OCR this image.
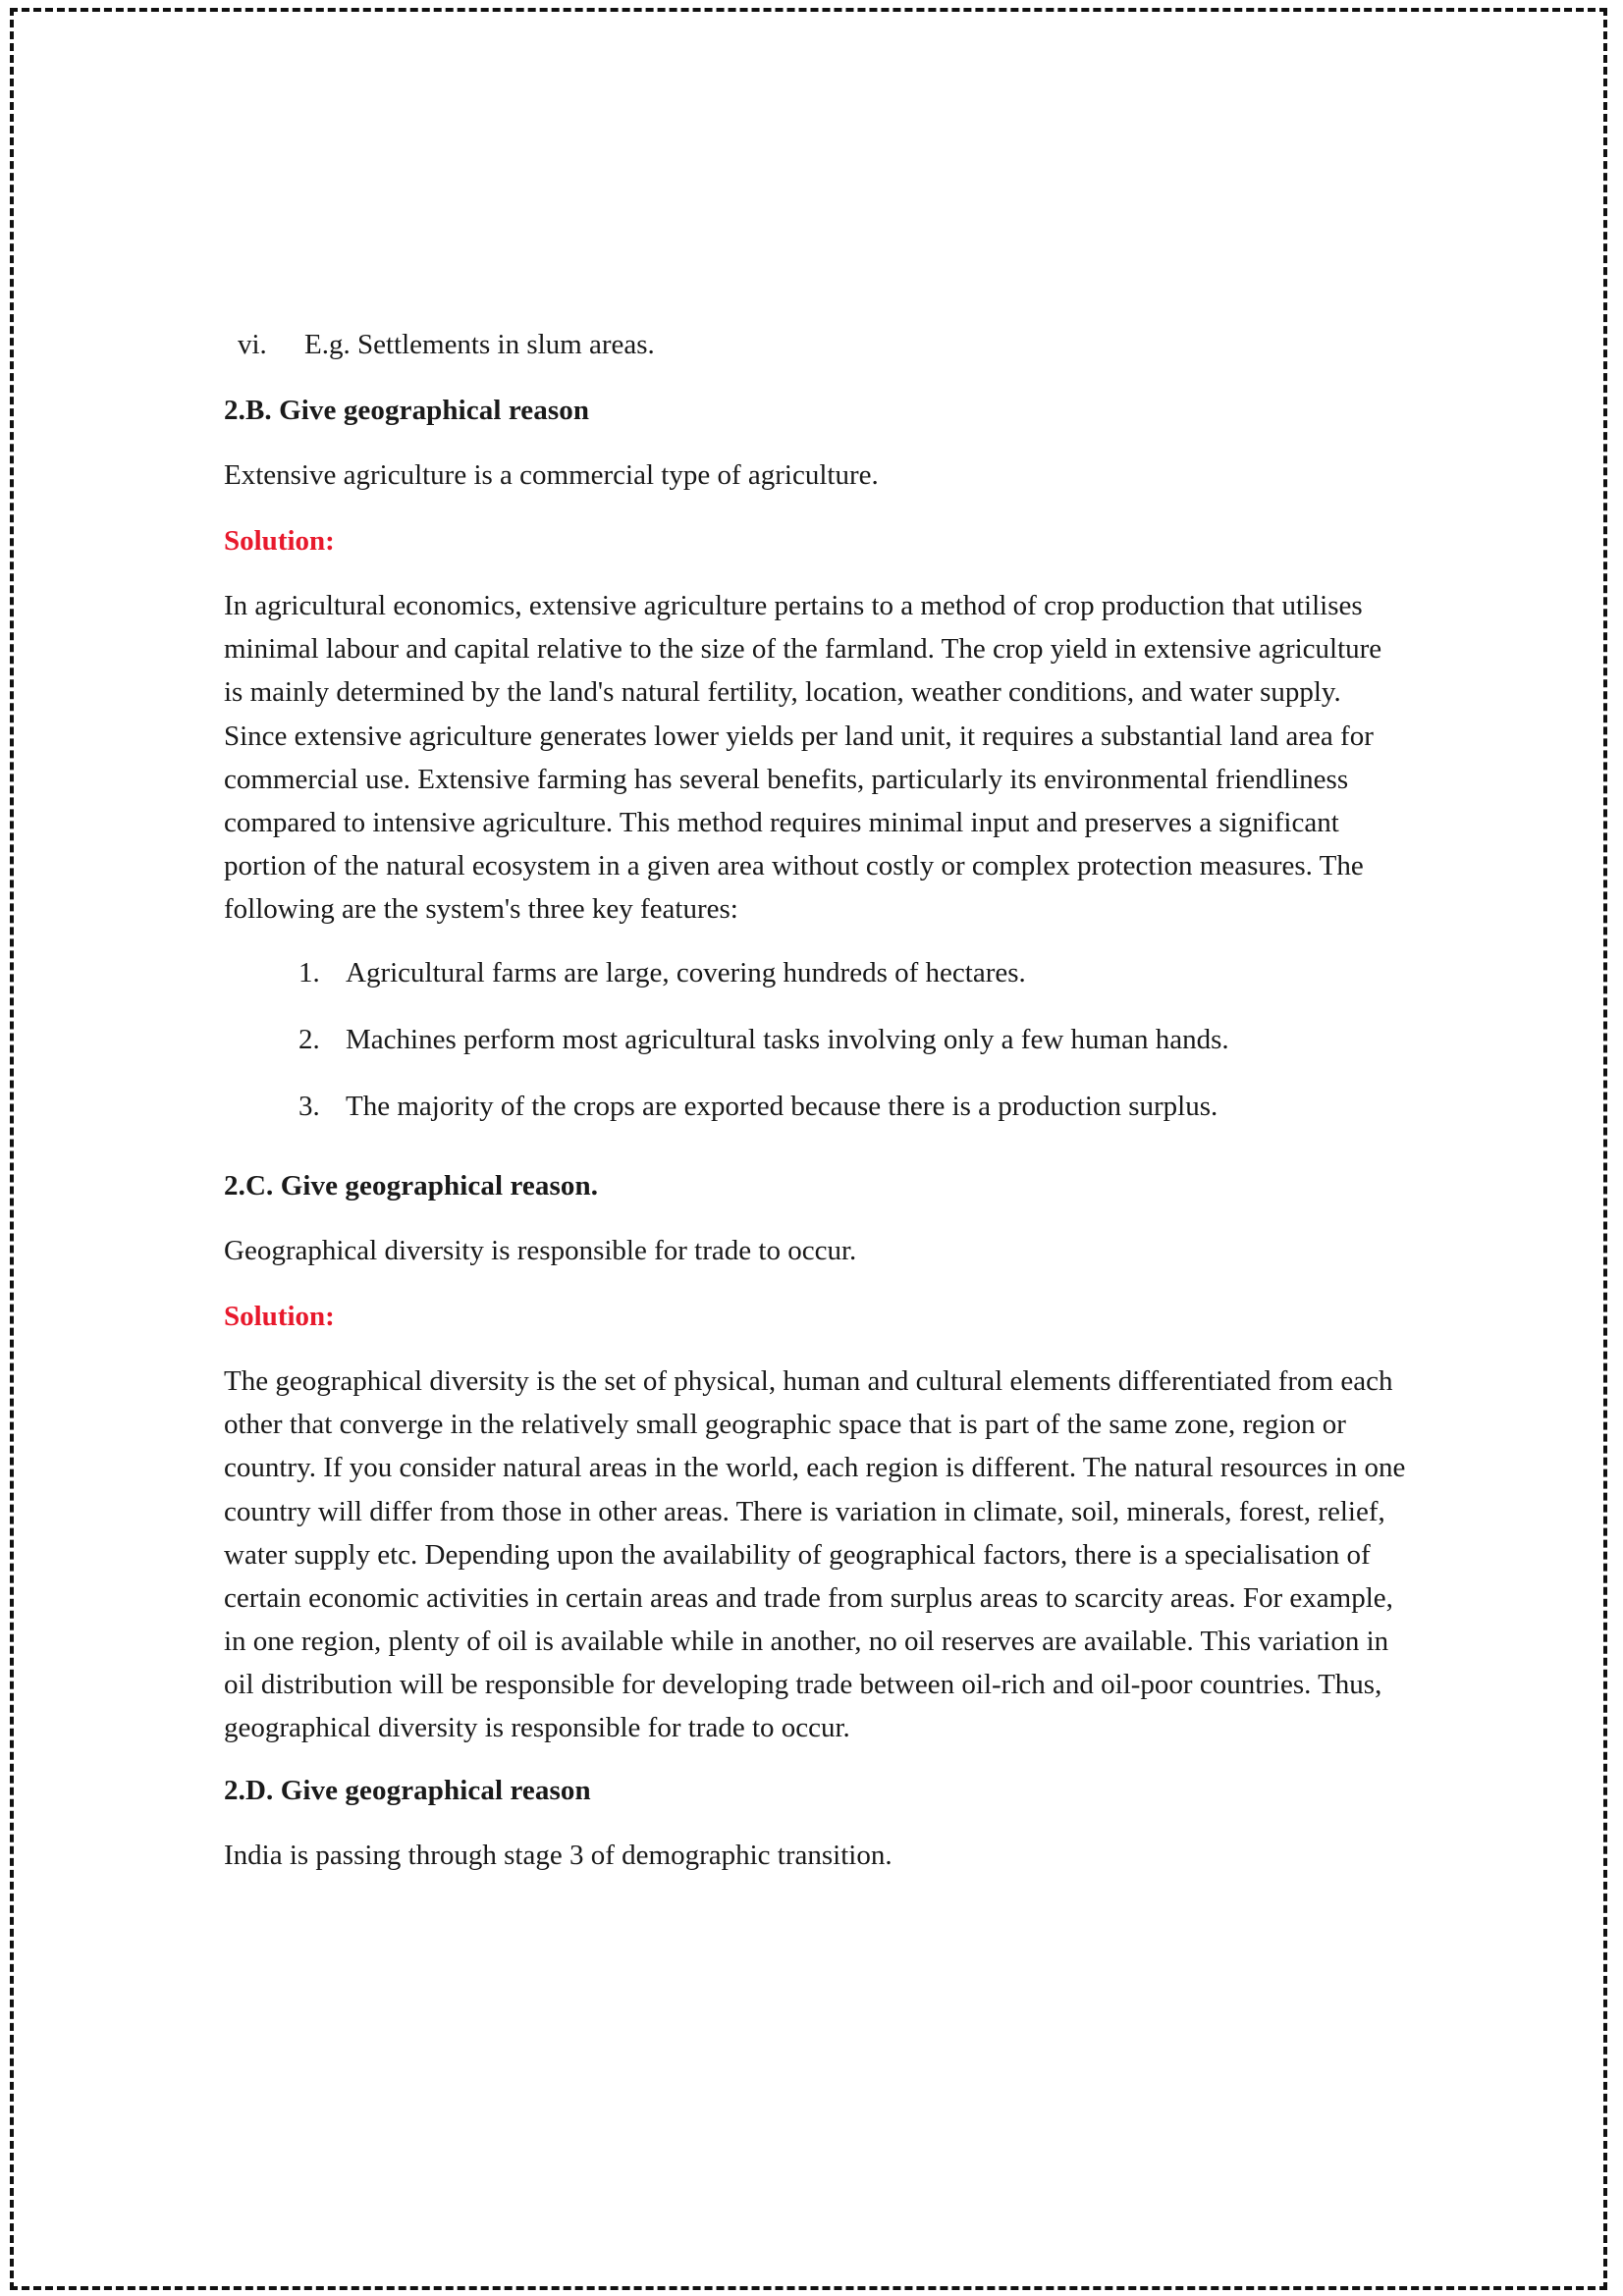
vi.	E.g. Settlements in slum areas.
2.B. Give geographical reason

Extensive agriculture is a commercial type of agriculture.

Solution:

In agricultural economics, extensive agriculture pertains to a method of crop production that utilises minimal labour and capital relative to the size of the farmland. The crop yield in extensive agriculture is mainly determined by the land's natural fertility, location, weather conditions, and water supply. Since extensive agriculture generates lower yields per land unit, it requires a substantial land area for commercial use. Extensive farming has several benefits, particularly its environmental friendliness compared to intensive agriculture. This method requires minimal input and preserves a significant portion of the natural ecosystem in a given area without costly or complex protection measures. The following are the system's three key features:

Agricultural farms are large, covering hundreds of hectares.
Machines perform most agricultural tasks involving only a few human hands.
The majority of the crops are exported because there is a production surplus.
2.C. Give geographical reason.

Geographical diversity is responsible for trade to occur.

Solution:

The geographical diversity is the set of physical, human and cultural elements differentiated from each other that converge in the relatively small geographic space that is part of the same zone, region or country. If you consider natural areas in the world, each region is different. The natural resources in one country will differ from those in other areas. There is variation in climate, soil, minerals, forest, relief, water supply etc. Depending upon the availability of geographical factors, there is a specialisation of certain economic activities in certain areas and trade from surplus areas to scarcity areas. For example, in one region, plenty of oil is available while in another, no oil reserves are available. This variation in oil distribution will be responsible for developing trade between oil-rich and oil-poor countries. Thus, geographical diversity is responsible for trade to occur.

2.D. Give geographical reason

India is passing through stage 3 of demographic transition.
